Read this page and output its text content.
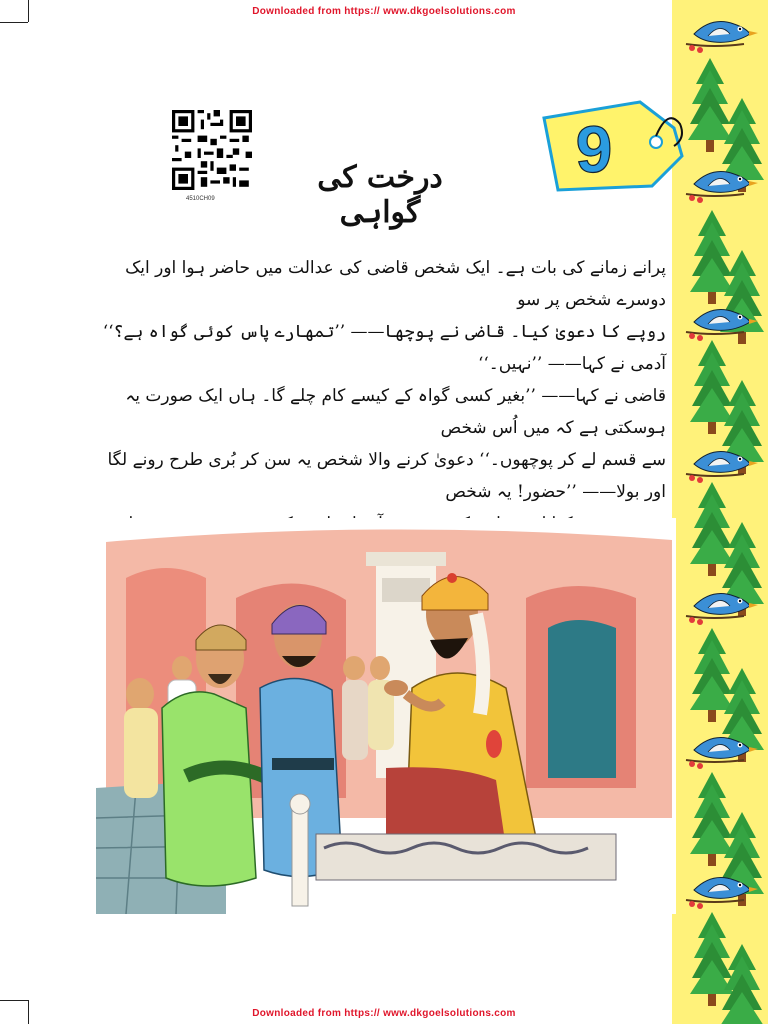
Downloaded from https:// www.dkgoelsolutions.com
4510CH09
9
درخت کی گواہی

پرانے زمانے کی بات ہے۔ ایک شخص قاضی کی عدالت میں حاضر ہوا اور ایک دوسرے شخص پر سو

روپے کا دعویٰ کیا۔ قاضی نے پوچھا—— ’’تمھارے پاس کوئی گواہ ہے؟‘‘

آدمی نے کہا—— ’’نہیں۔‘‘

قاضی نے کہا—— ’’بغیر کسی گواہ کے کیسے کام چلے گا۔ ہاں ایک صورت یہ ہوسکتی ہے کہ میں اُس شخص

سے قسم لے کر پوچھوں۔‘‘ دعویٰ کرنے والا شخص یہ سن کر بُری طرح رونے لگا اور بولا—— ’’حضور! یہ شخص

Downloaded from https:// www.dkgoelsolutions.com
